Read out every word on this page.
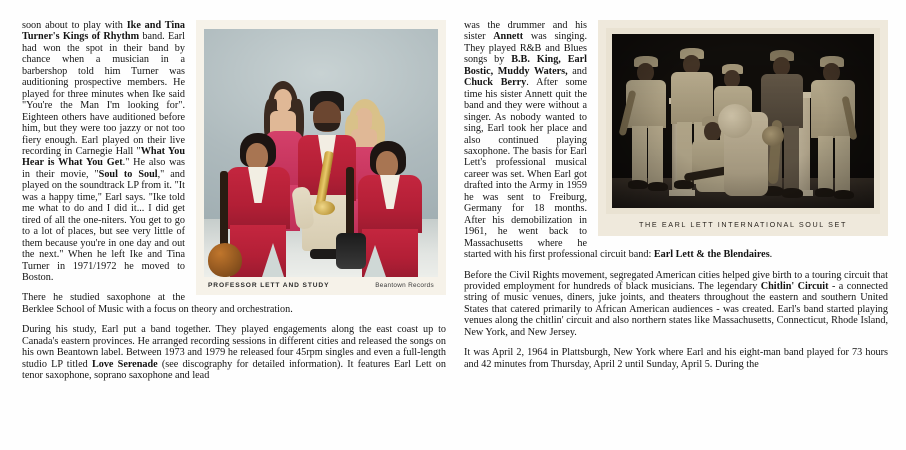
PROFESSOR LETT AND STUDY	Beantown Records

soon about to play with Ike and Tina Turner's Kings of Rhythm band. Earl had won the spot in their band by chance when a musician in a barbershop told him Turner was auditioning prospective members. He played for three minutes when Ike said "You're the Man I'm looking for". Eighteen others have auditioned before him, but they were too jazzy or not too fiery enough. Earl played on their live recording in Carnegie Hall "What You Hear is What You Get." He also was in their movie, "Soul to Soul," and played on the soundtrack LP from it. "It was a happy time," Earl says. "Ike told me what to do and I did it... I did get tired of all the one-niters. You get to go to a lot of places, but see very little of them because you're in one day and out the next." When he left Ike and Tina Turner in 1971/1972 he moved to Boston.

There he studied saxophone at the Berklee School of Music with a focus on theory and orchestration.

During his study, Earl put a band together. They played engagements along the east coast up to Canada's eastern provinces. He arranged recording sessions in different cities and released the songs on his own Beantown label. Between 1973 and 1979 he released four 45rpm singles and even a full-length studio LP titled Love Serenade (see discography for detailed information). It features Earl Lett on tenor saxophone, soprano saxophone and lead

THE EARL LETT INTERNATIONAL SOUL SET

was the drummer and his sister Annett was singing. They played R&B and Blues songs by B.B. King, Earl Bostic, Muddy Waters, and Chuck Berry. After some time his sister Annett quit the band and they were without a singer. As nobody wanted to sing, Earl took her place and also continued playing saxophone. The basis for Earl Lett's professional musical career was set. When Earl got drafted into the Army in 1959 he was sent to Freiburg, Germany for 18 months. After his demobilization in 1961, he went back to Massachusetts where he started with his first professional circuit band: Earl Lett & the Blendaires.

Before the Civil Rights movement, segregated American cities helped give birth to a touring circuit that provided employment for hundreds of black musicians. The legendary Chitlin' Circuit - a connected string of music venues, diners, juke joints, and theaters throughout the eastern and southern United States that catered primarily to African American audiences - was created. Earl's band started playing venues along the chitlin' circuit and also northern states like Massachusetts, Connecticut, Rhode Island, New York, and New Jersey.

It was April 2, 1964 in Plattsburgh, New York where Earl and his eight-man band played for 73 hours and 42 minutes from Thursday, April 2 until Sunday, April 5. During the
